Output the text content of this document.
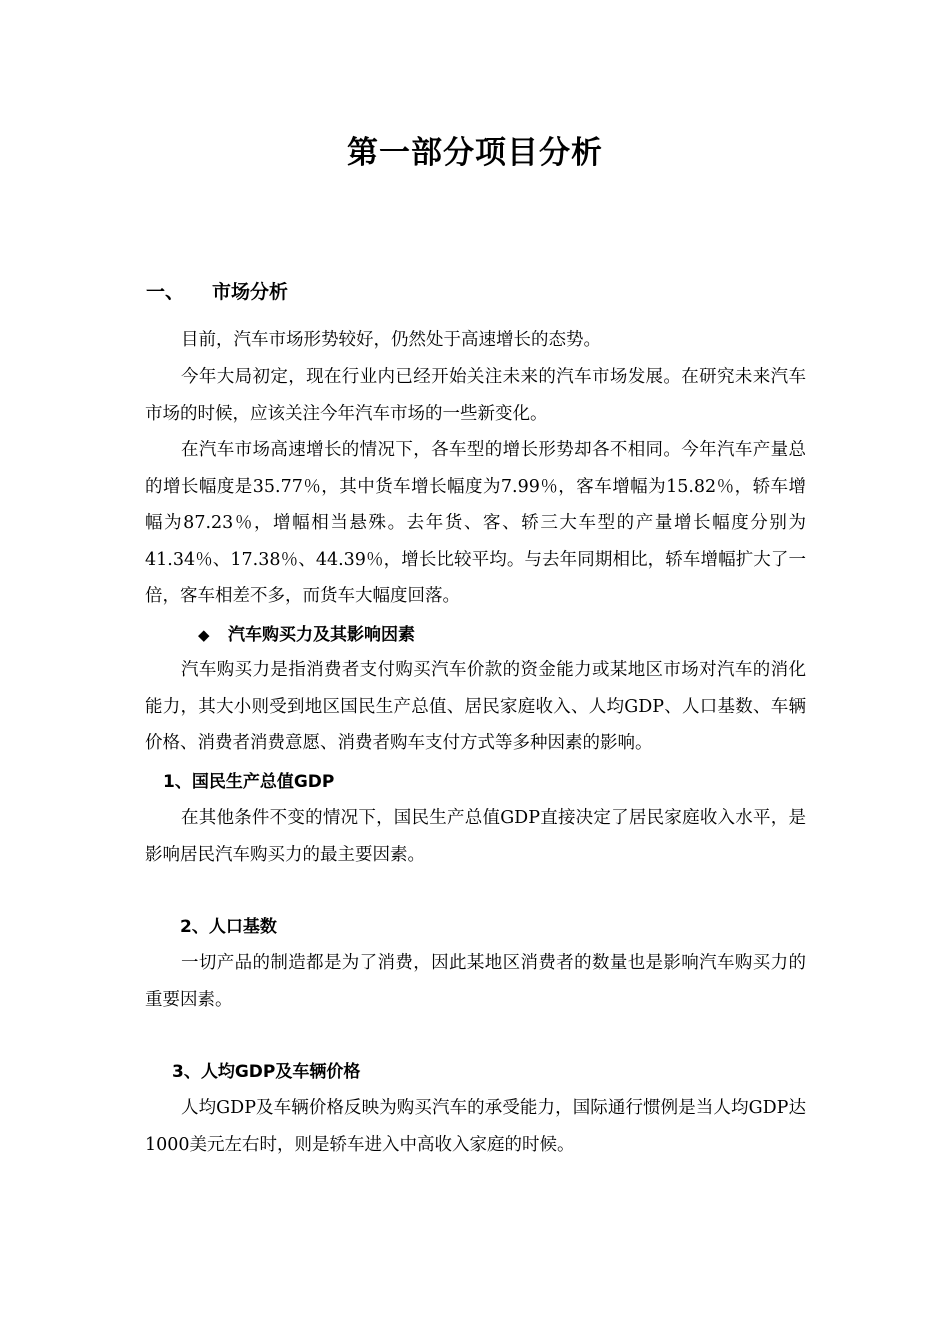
第一部分项目分析
一、 市场分析

目前，汽车市场形势较好，仍然处于高速增长的态势。

今年大局初定，现在行业内已经开始关注未来的汽车市场发展。在研究未来汽车市场的时候，应该关注今年汽车市场的一些新变化。

在汽车市场高速增长的情况下，各车型的增长形势却各不相同。今年汽车产量总的增长幅度是35.77％，其中货车增长幅度为7.99％，客车增幅为15.82％，轿车增幅为87.23％，增幅相当悬殊。去年货、客、轿三大车型的产量增长幅度分别为41.34％、17.38％、44.39％，增长比较平均。与去年同期相比，轿车增幅扩大了一倍，客车相差不多，而货车大幅度回落。

◆ 汽车购买力及其影响因素

汽车购买力是指消费者支付购买汽车价款的资金能力或某地区市场对汽车的消化能力，其大小则受到地区国民生产总值、居民家庭收入、人均GDP、人口基数、车辆价格、消费者消费意愿、消费者购车支付方式等多种因素的影响。

1、国民生产总值GDP

在其他条件不变的情况下，国民生产总值GDP直接决定了居民家庭收入水平，是影响居民汽车购买力的最主要因素。

2、人口基数

一切产品的制造都是为了消费，因此某地区消费者的数量也是影响汽车购买力的重要因素。

3、人均GDP及车辆价格

人均GDP及车辆价格反映为购买汽车的承受能力，国际通行惯例是当人均GDP达1000美元左右时，则是轿车进入中高收入家庭的时候。
